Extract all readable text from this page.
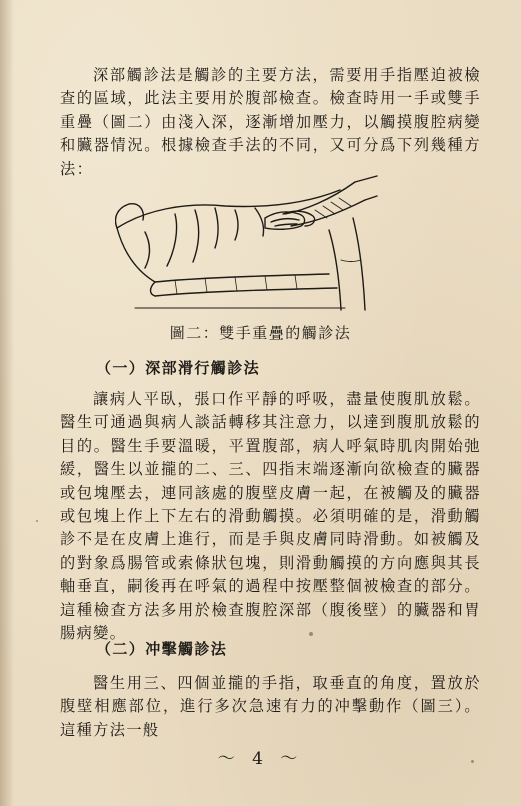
深部觸診法是觸診的主要方法，需要用手指壓迫被檢查的區域，此法主要用於腹部檢查。檢查時用一手或雙手重疊（圖二）由淺入深，逐漸增加壓力，以觸摸腹腔病變和臟器情況。根據檢查手法的不同，又可分爲下列幾種方法：

圖二：雙手重疊的觸診法

（一）深部滑行觸診法

讓病人平臥，張口作平靜的呼吸，盡量使腹肌放鬆。醫生可通過與病人談話轉移其注意力，以達到腹肌放鬆的目的。醫生手要溫暖，平置腹部，病人呼氣時肌肉開始弛緩，醫生以並攏的二、三、四指末端逐漸向欲檢查的臟器或包塊壓去，連同該處的腹壁皮膚一起，在被觸及的臟器或包塊上作上下左右的滑動觸摸。必須明確的是，滑動觸診不是在皮膚上進行，而是手與皮膚同時滑動。如被觸及的對象爲腸管或索條狀包塊，則滑動觸摸的方向應與其長軸垂直，嗣後再在呼氣的過程中按壓整個被檢查的部分。這種檢查方法多用於檢查腹腔深部（腹後壁）的臟器和胃腸病變。

（二）冲擊觸診法

醫生用三、四個並攏的手指，取垂直的角度，置放於腹壁相應部位，進行多次急速有力的冲擊動作（圖三）。這種方法一般

～ 4 ～
